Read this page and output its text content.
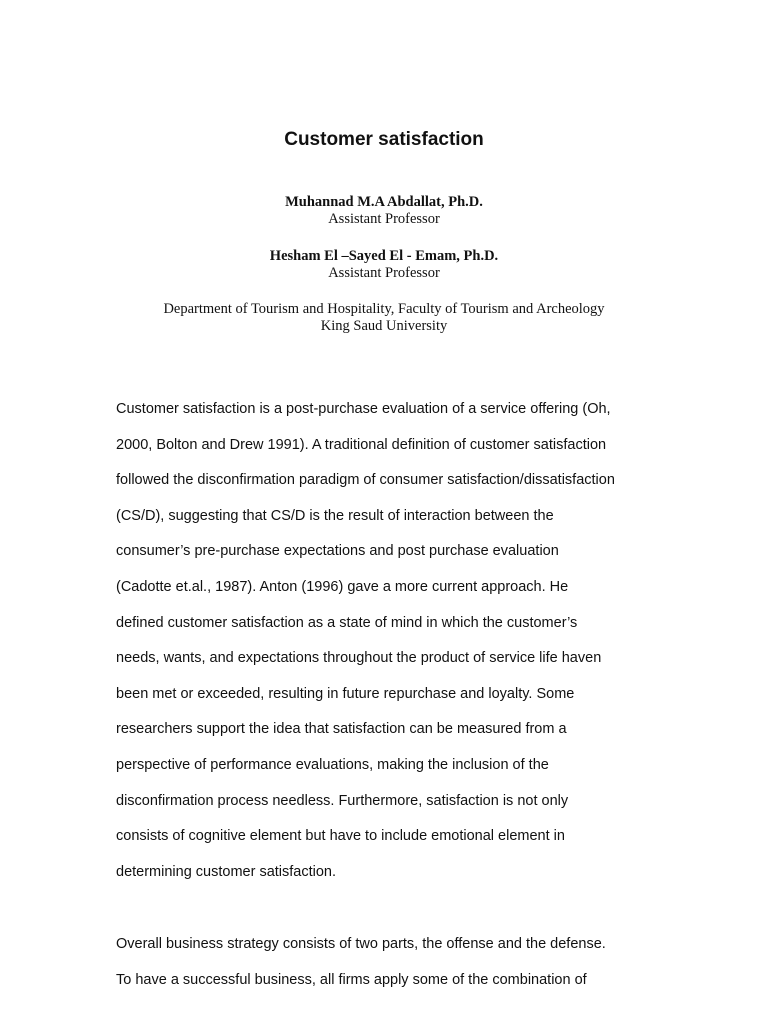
Customer satisfaction
Muhannad M.A Abdallat, Ph.D.
Assistant Professor
Hesham El –Sayed El - Emam, Ph.D.
Assistant Professor
Department of Tourism and Hospitality, Faculty of Tourism and Archeology
King Saud University
Customer satisfaction is a post-purchase evaluation of a service offering (Oh,
2000, Bolton and Drew 1991). A traditional definition of customer satisfaction
followed the disconfirmation paradigm of consumer satisfaction/dissatisfaction
(CS/D), suggesting that CS/D is the result of interaction between the
consumer’s pre-purchase expectations and post purchase evaluation
(Cadotte et.al., 1987). Anton (1996) gave a more current approach. He
defined customer satisfaction as a state of mind in which the customer’s
needs, wants, and expectations throughout the product of service life haven
been met or exceeded, resulting in future repurchase and loyalty. Some
researchers support the idea that satisfaction can be measured from a
perspective of performance evaluations, making the inclusion of the
disconfirmation process needless. Furthermore, satisfaction is not only
consists of cognitive element but have to include emotional element in
determining customer satisfaction.
Overall business strategy consists of two parts, the offense and the defense.
To have a successful business, all firms apply some of the combination of
